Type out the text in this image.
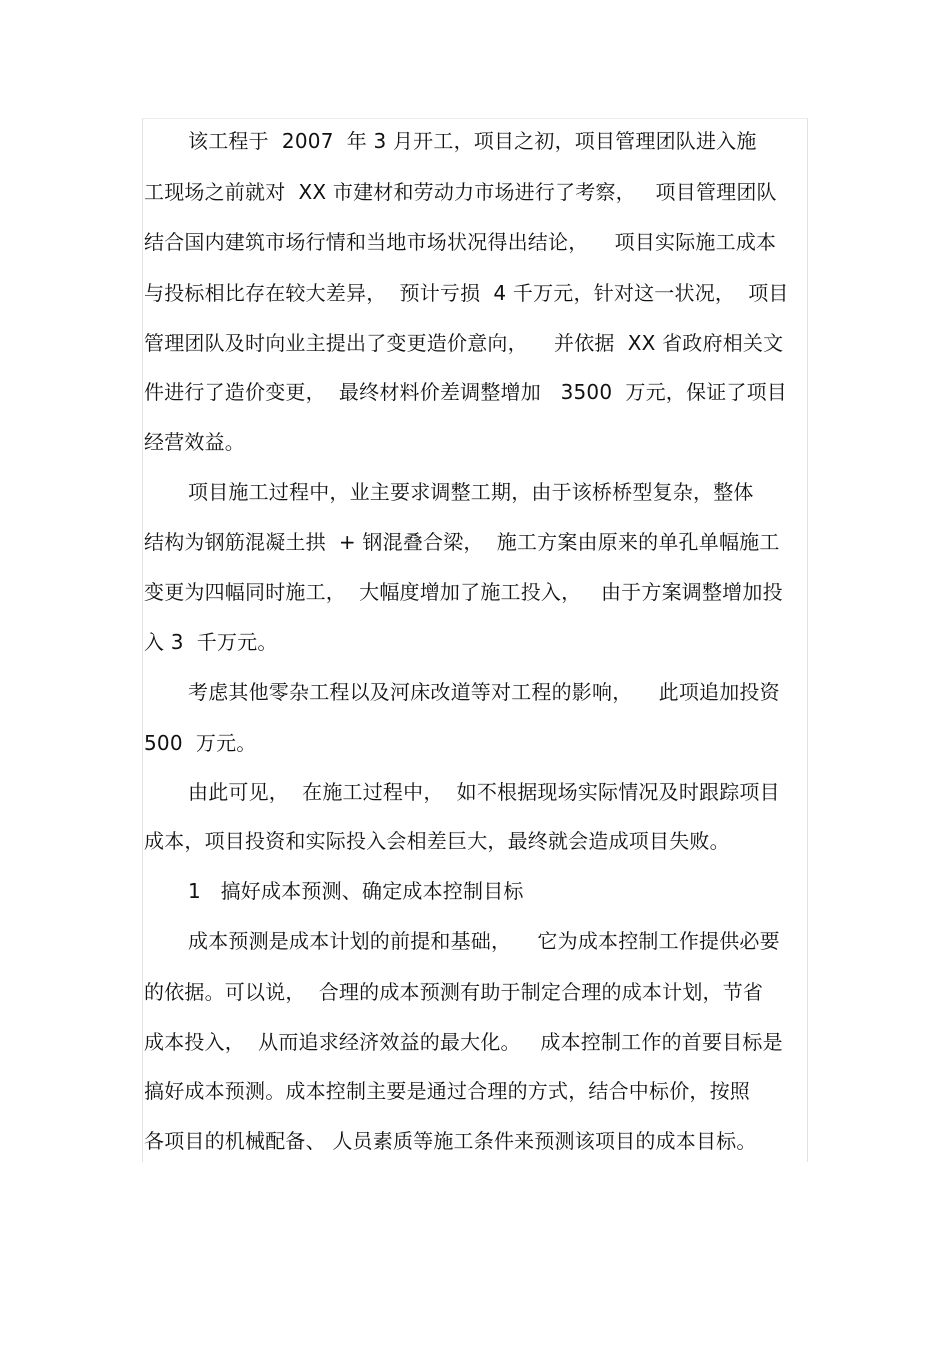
该工程于  2007  年 3 月开工，项目之初，项目管理团队进入施
工现场之前就对  XX 市建材和劳动力市场进行了考察，   项目管理团队
结合国内建筑市场行情和当地市场状况得出结论，    项目实际施工成本
与投标相比存在较大差异，  预计亏损  4 千万元，针对这一状况，  项目
管理团队及时向业主提出了变更造价意向，    并依据  XX 省政府相关文
件进行了造价变更，  最终材料价差调整增加   3500  万元，保证了项目
经营效益。
项目施工过程中，业主要求调整工期，由于该桥桥型复杂，整体
结构为钢筋混凝土拱  + 钢混叠合梁，  施工方案由原来的单孔单幅施工
变更为四幅同时施工，  大幅度增加了施工投入，   由于方案调整增加投
入 3  千万元。
考虑其他零杂工程以及河床改道等对工程的影响，    此项追加投资
500  万元。
由此可见，  在施工过程中，  如不根据现场实际情况及时跟踪项目
成本，项目投资和实际投入会相差巨大，最终就会造成项目失败。
1   搞好成本预测、确定成本控制目标
成本预测是成本计划的前提和基础，    它为成本控制工作提供必要
的依据。可以说，  合理的成本预测有助于制定合理的成本计划，节省
成本投入，  从而追求经济效益的最大化。   成本控制工作的首要目标是
搞好成本预测。成本控制主要是通过合理的方式，结合中标价，按照
各项目的机械配备、 人员素质等施工条件来预测该项目的成本目标。
